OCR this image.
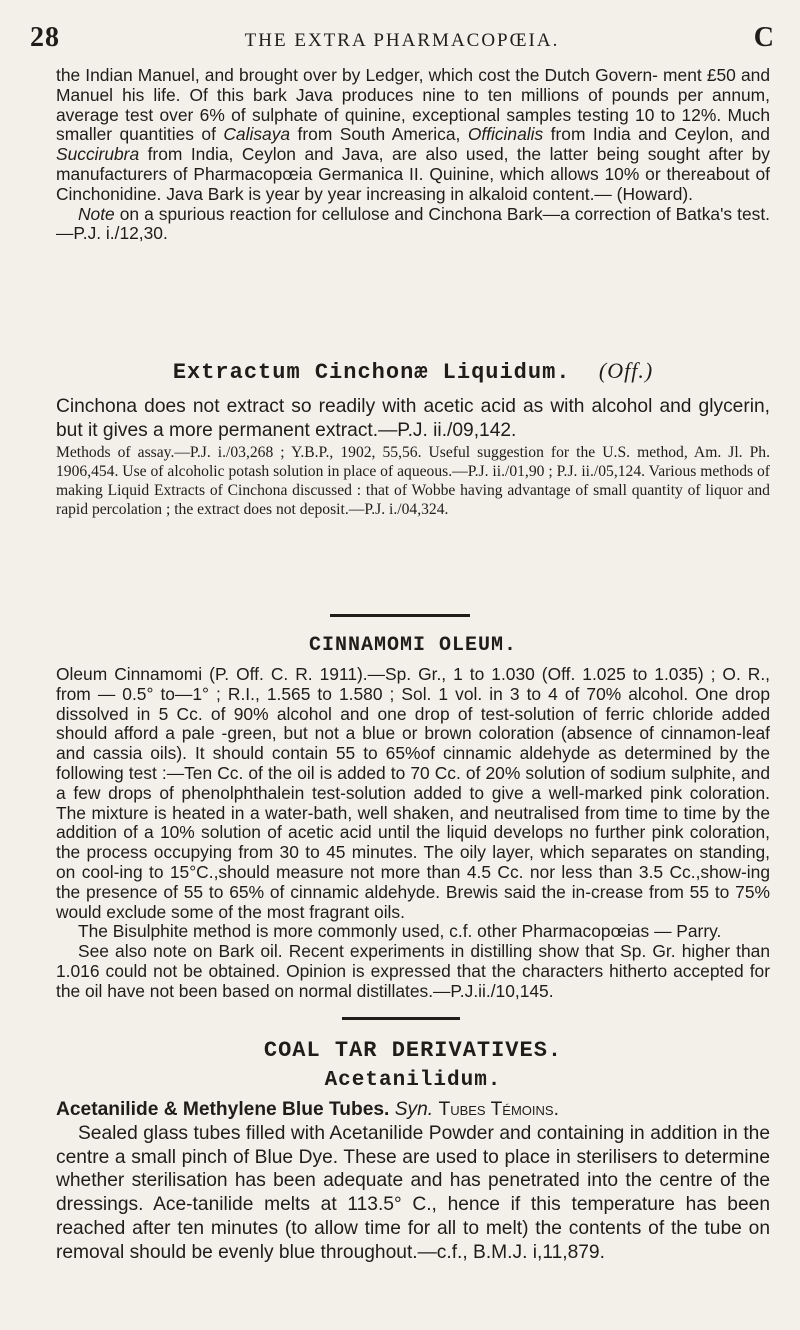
28	THE EXTRA PHARMACOPŒIA.	C

the Indian Manuel, and brought over by Ledger, which cost the Dutch Govern- ment £50 and Manuel his life. Of this bark Java produces nine to ten millions of pounds per annum, average test over 6% of sulphate of quinine, exceptional samples testing 10 to 12%. Much smaller quantities of Calisaya from South America, Officinalis from India and Ceylon, and Succirubra from India, Ceylon and Java, are also used, the latter being sought after by manufacturers of Pharmacopœia Germanica II. Quinine, which allows 10% or thereabout of Cinchonidine. Java Bark is year by year increasing in alkaloid content.— (Howard).

Note on a spurious reaction for cellulose and Cinchona Bark—a correction of Batka's test.—P.J. i./12,30.

Extractum Cinchonæ Liquidum. (Off.)

Cinchona does not extract so readily with acetic acid as with alcohol and glycerin, but it gives a more permanent extract.—P.J. ii./09,142.

Methods of assay.—P.J. i./03,268 ; Y.B.P., 1902, 55,56. Useful suggestion for the U.S. method, Am. Jl. Ph. 1906,454. Use of alcoholic potash solution in place of aqueous.—P.J. ii./01,90 ; P.J. ii./05,124. Various methods of making Liquid Extracts of Cinchona discussed : that of Wobbe having advantage of small quantity of liquor and rapid percolation ; the extract does not deposit.—P.J. i./04,324.

CINNAMOMI OLEUM.

Oleum Cinnamomi (P. Off. C. R. 1911).—Sp. Gr., 1 to 1.030 (Off. 1.025 to 1.035) ; O. R., from — 0.5° to—1° ; R.I., 1.565 to 1.580 ; Sol. 1 vol. in 3 to 4 of 70% alcohol. One drop dissolved in 5 Cc. of 90% alcohol and one drop of test-solution of ferric chloride added should afford a pale -green, but not a blue or brown coloration (absence of cinnamon-leaf and cassia oils). It should contain 55 to 65%of cinnamic aldehyde as determined by the following test :—Ten Cc. of the oil is added to 70 Cc. of 20% solution of sodium sulphite, and a few drops of phenolphthalein test-solution added to give a well-marked pink coloration. The mixture is heated in a water-bath, well shaken, and neutralised from time to time by the addition of a 10% solution of acetic acid until the liquid develops no further pink coloration, the process occupying from 30 to 45 minutes. The oily layer, which separates on standing, on cool-ing to 15°C.,should measure not more than 4.5 Cc. nor less than 3.5 Cc.,show-ing the presence of 55 to 65% of cinnamic aldehyde. Brewis said the in-crease from 55 to 75% would exclude some of the most fragrant oils.

The Bisulphite method is more commonly used, c.f. other Pharmacopœias — Parry.

See also note on Bark oil. Recent experiments in distilling show that Sp. Gr. higher than 1.016 could not be obtained. Opinion is expressed that the characters hitherto accepted for the oil have not been based on normal distillates.—P.J.ii./10,145.

COAL TAR DERIVATIVES.
Acetanilidum.

Acetanilide & Methylene Blue Tubes. Syn. Tubes Témoins.

Sealed glass tubes filled with Acetanilide Powder and containing in addition in the centre a small pinch of Blue Dye. These are used to place in sterilisers to determine whether sterilisation has been adequate and has penetrated into the centre of the dressings. Ace-tanilide melts at 113.5° C., hence if this temperature has been reached after ten minutes (to allow time for all to melt) the contents of the tube on removal should be evenly blue throughout.—c.f., B.M.J. i,11,879.
